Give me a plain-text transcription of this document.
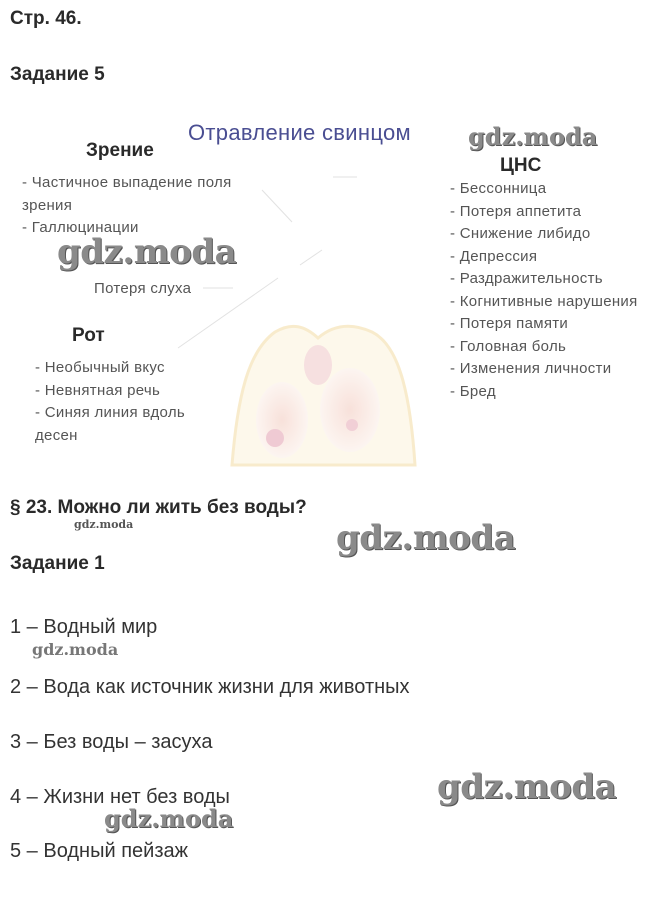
Стр. 46.
Задание 5
Отравление свинцом
Зрение
- Частичное выпадение поля
зрения
- Галлюцинации
Потеря слуха
Рот
- Необычный вкус
- Невнятная речь
- Синяя линия вдоль
десен
ЦНС
- Бессонница
- Потеря аппетита
- Снижение либидо
- Депрессия
- Раздражительность
- Когнитивные нарушения
- Потеря памяти
- Головная боль
- Изменения личности
- Бред
§ 23. Можно ли жить без воды?
Задание 1
1 – Водный мир
2 – Вода как источник жизни для животных
3 – Без воды – засуха
4 – Жизни нет без воды
5 – Водный пейзаж
gdz.moda
gdz.moda
gdz.moda	gdz.moda
gdz.moda
gdz.moda
gdz.moda
